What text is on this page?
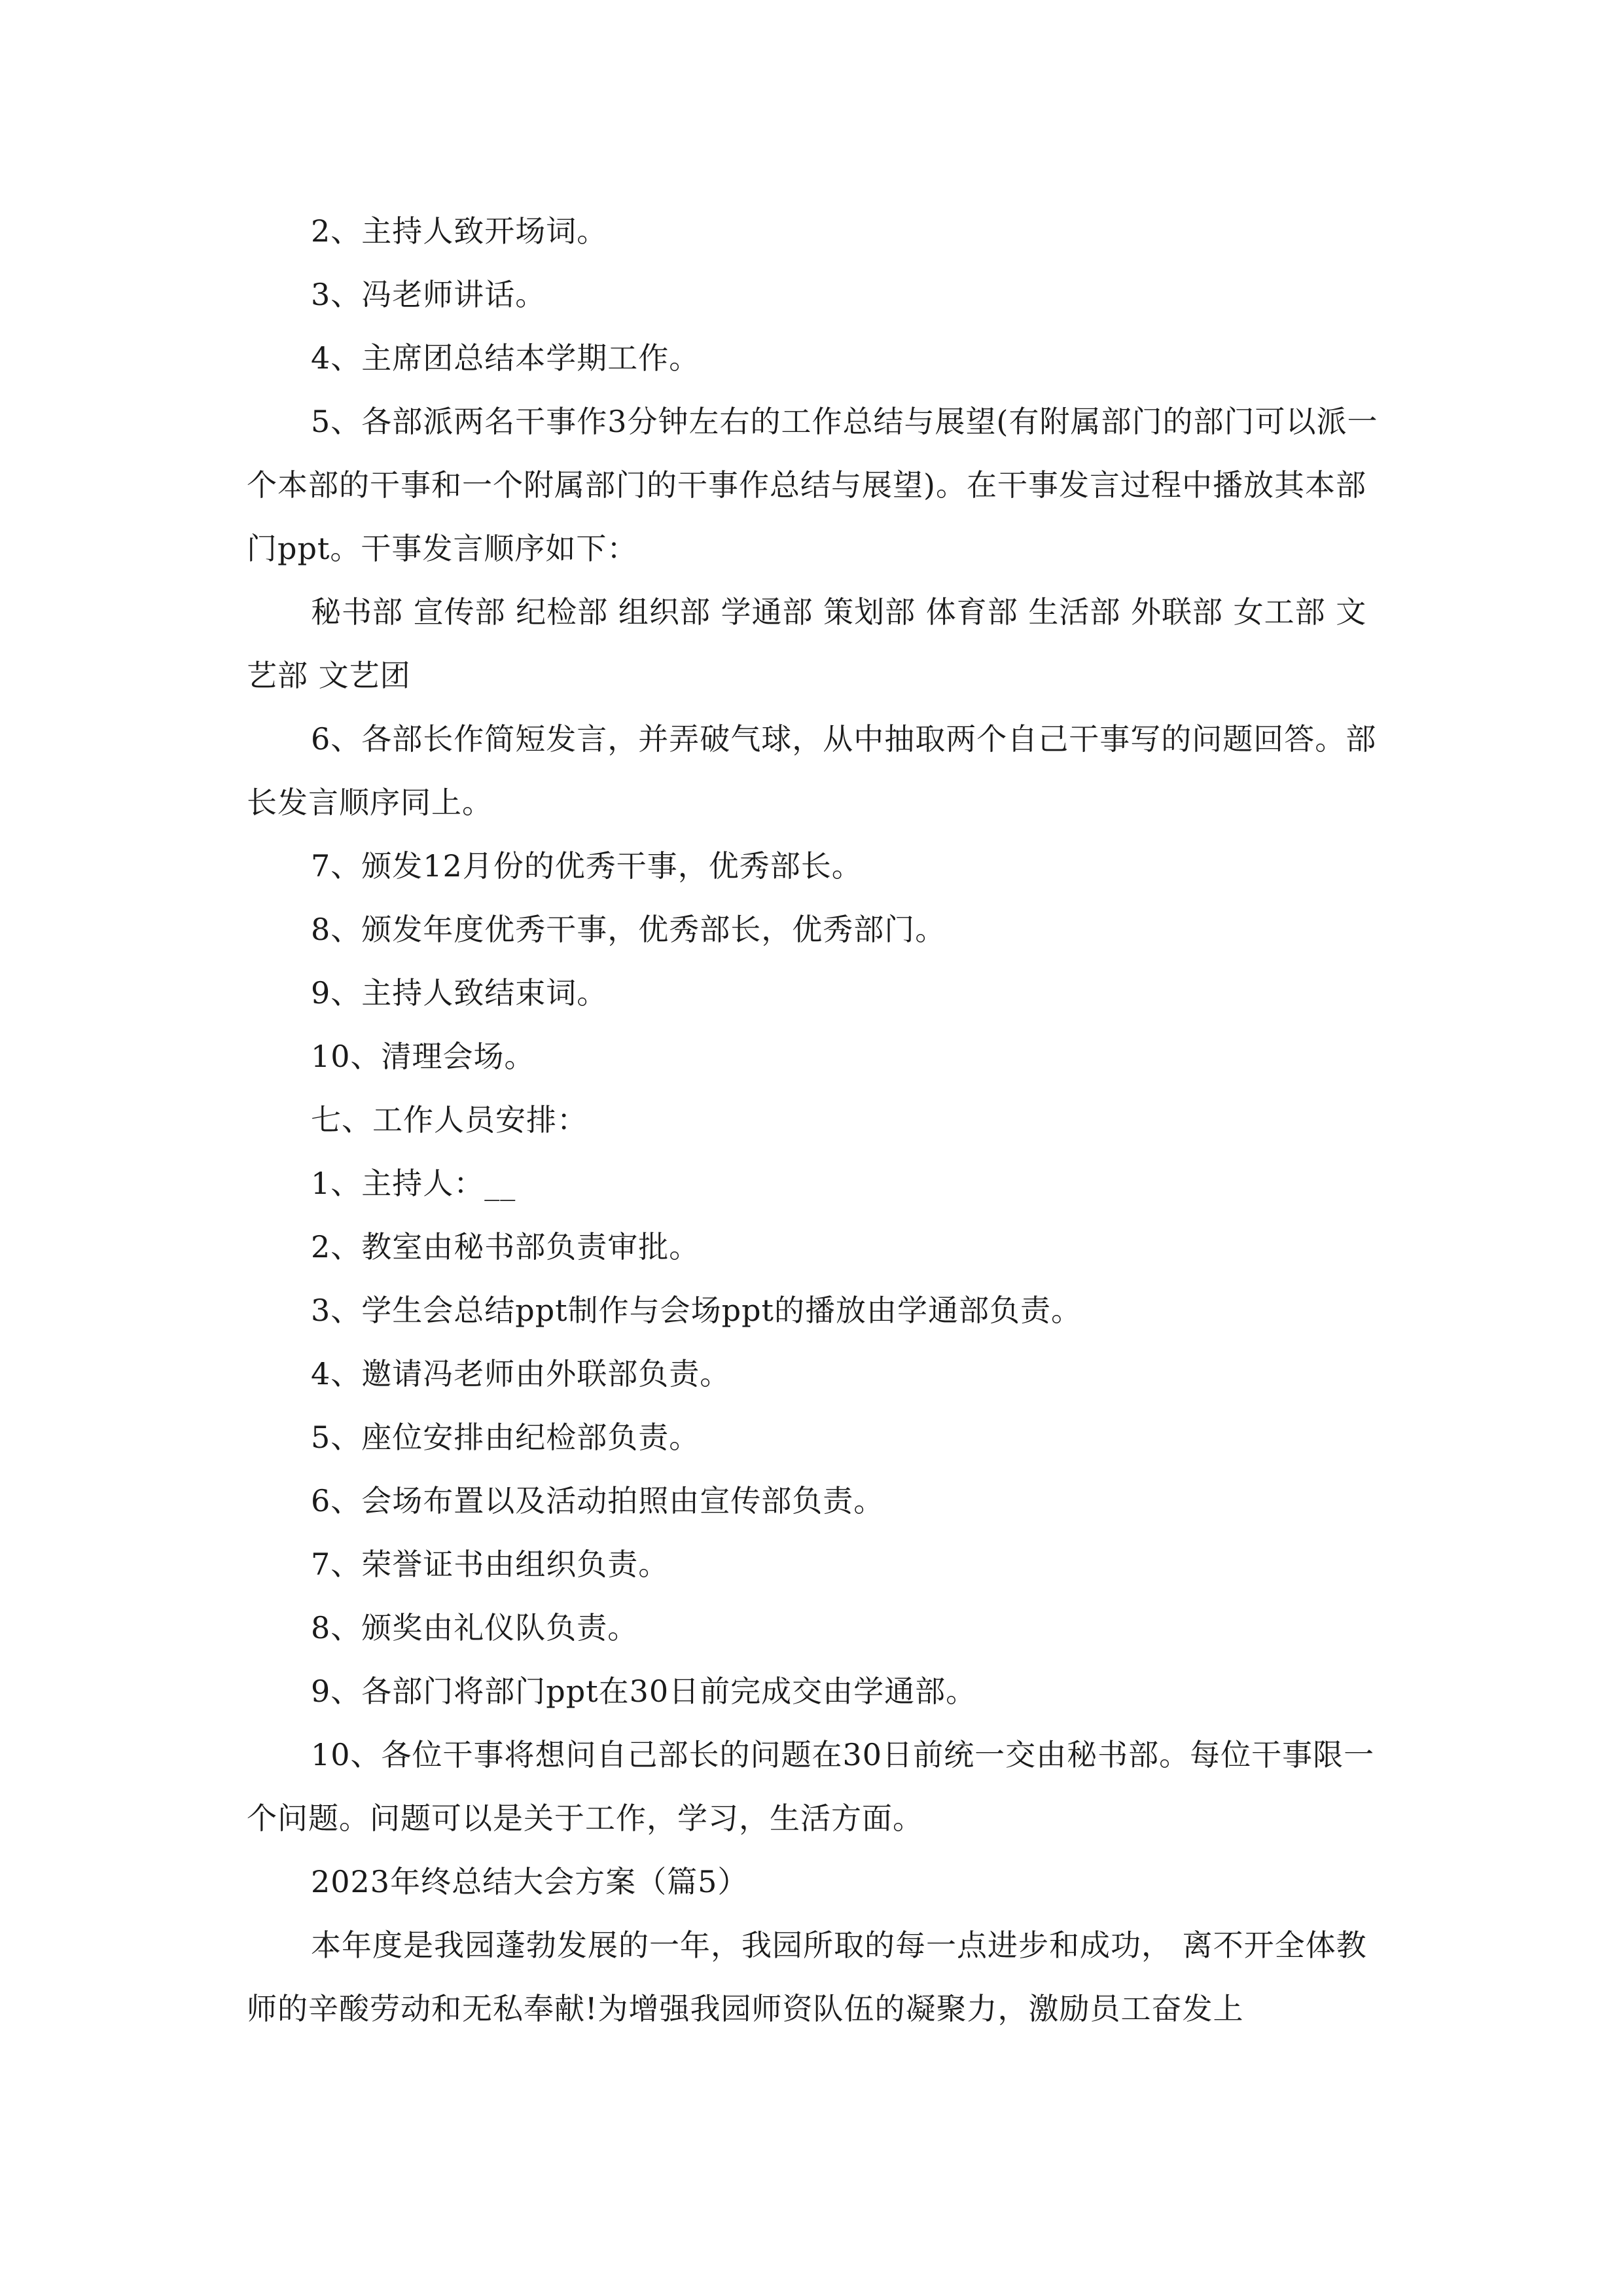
2、主持人致开场词。

3、冯老师讲话。

4、主席团总结本学期工作。

5、各部派两名干事作3分钟左右的工作总结与展望(有附属部门的部门可以派一个本部的干事和一个附属部门的干事作总结与展望)。在干事发言过程中播放其本部门ppt。干事发言顺序如下：

秘书部 宣传部 纪检部 组织部 学通部 策划部 体育部 生活部 外联部 女工部 文艺部 文艺团

6、各部长作简短发言，并弄破气球，从中抽取两个自己干事写的问题回答。部长发言顺序同上。

7、颁发12月份的优秀干事，优秀部长。

8、颁发年度优秀干事，优秀部长，优秀部门。

9、主持人致结束词。

10、清理会场。

七、工作人员安排：

1、主持人：__

2、教室由秘书部负责审批。

3、学生会总结ppt制作与会场ppt的播放由学通部负责。

4、邀请冯老师由外联部负责。

5、座位安排由纪检部负责。

6、会场布置以及活动拍照由宣传部负责。

7、荣誉证书由组织负责。

8、颁奖由礼仪队负责。

9、各部门将部门ppt在30日前完成交由学通部。

10、各位干事将想问自己部长的问题在30日前统一交由秘书部。每位干事限一个问题。问题可以是关于工作，学习，生活方面。

2023年终总结大会方案（篇5）

本年度是我园蓬勃发展的一年，我园所取的每一点进步和成功， 离不开全体教师的辛酸劳动和无私奉献!为增强我园师资队伍的凝聚力，激励员工奋发上
